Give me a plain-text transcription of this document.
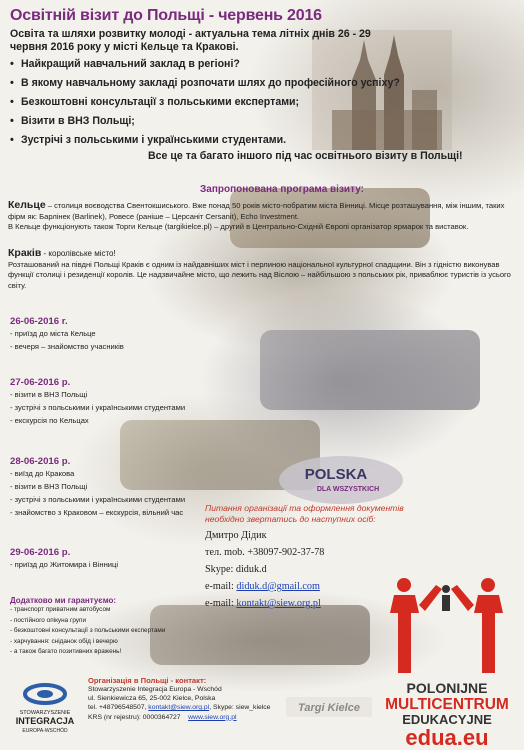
Освітній візит до Польщі - червень 2016
Освіта та шляхи розвитку молоді - актуальна тема літніх днів 26 - 29 червня 2016 року у місті Кельце та Кракові.
• Найкращий навчальний заклад в регіоні?
• В якому навчальному закладі розпочати шлях до професійного успіху?
• Безкоштовні консультації з польськими експертами;
• Візити в ВНЗ Польщі;
• Зустрічі з польськими і українськими студентами.
Все це та багато іншого під час освітнього візиту в Польщі!
Запропонована програма візиту:
Кельце – столиця воєводства Свентокшиського. Вже понад 50 років місто-побратим міста Вінниці. Місце розташування, між іншим, таких фірм як: Барлінек (Barlinek), Ровесе (раніше – Церсаніт Cersanit), Echo Investment.
В Кельце функціонують також Торги Кельце (targikielce.pl) – другий в Центрально-Східній Європі організатор ярмарок та виставок.
Краків - королівське місто!
Розташований на півдні Польщі Краків є одним із найдавніших міст і перлиною національної культурної спадщини. Він з гідністю виконував функції столиці і резиденції королів. Це надзвичайне місто, що лежить над Віслою – найбільшою з польських рік, приваблює туристів із усього світу.
26-06-2016 r.
- приїзд до міста Кельце
- вечеря – знайомство учасників
27-06-2016 р.
- візити в ВНЗ Польщі
- зустрічі з польськими і українськими студентами
- екскурсія по Кельцах
28-06-2016 р.
- виїзд до Кракова
- візити в ВНЗ Польщі
- зустрічі з польськими і українськими студентами
- знайомство з Краковом – екскурсія, вільний час
29-06-2016 р.
- приїзд до Житомира і Вінниці
POLSKA
DLA WSZYSTKICH
Питання організації та оформлення документів
необхідно звертатись до наступних осіб:
Дмитро Дідик
тел. mob. +38097-902-37-78
Skype: diduk.d
e-mail: diduk.d@gmail.com
e-mail: kontakt@siew.org.pl
Додатково ми гарантуємо:
- транспорт приватним автобусом
- постійного опікуна групи
- безкоштовні консультації з польськими експертами
- харчування: сніданок обід і вечерю
- а також багато позитивних вражень!
STOWARZYSZENIE
INTEGRACJA
EUROPA-WSCHÓD
Організація в Польщі - контакт:
Stowarzyszenie Integracja Europa - Wschód
ul. Sienkiewicza 65, 25-002 Kielce, Polska
tel. +48796548507, kontakt@siew.org.pl, Skype: siew_kielce
KRS (nr rejestru): 0000364727 www.siew.org.pl
Targi Kielce
POLONIJNE
MULTICENTRUM
EDUKACYJNE
edua.eu
